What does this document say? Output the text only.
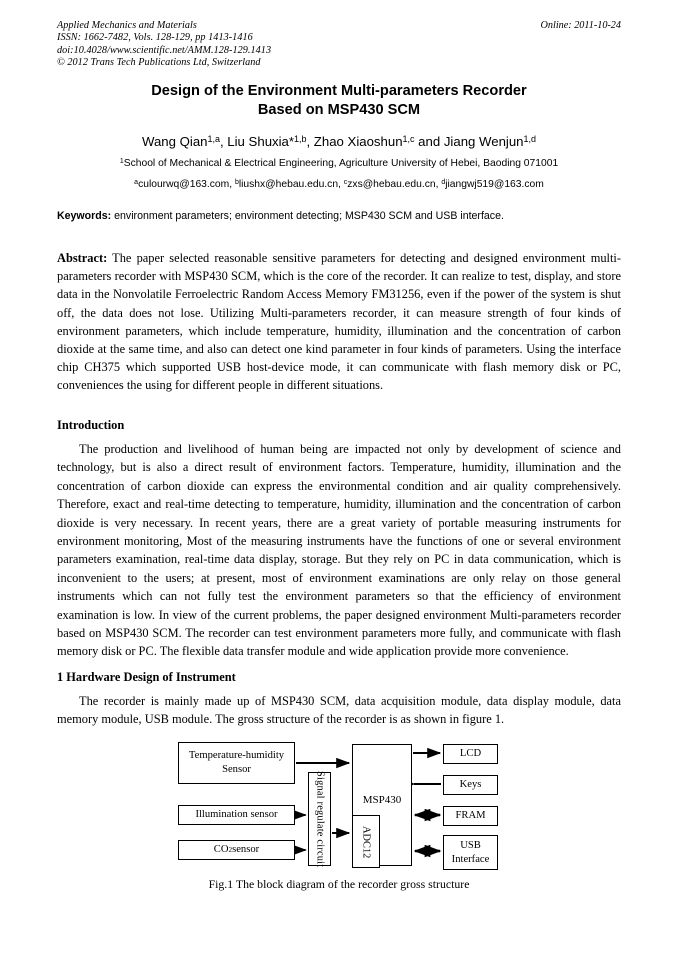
Applied Mechanics and Materials
ISSN: 1662-7482, Vols. 128-129, pp 1413-1416
doi:10.4028/www.scientific.net/AMM.128-129.1413
© 2012 Trans Tech Publications Ltd, Switzerland
Online: 2011-10-24
Design of the Environment Multi-parameters Recorder
Based on MSP430 SCM
Wang Qian$^{1,a}$, Liu Shuxia*$^{1,b}$, Zhao Xiaoshun$^{1,c}$ and Jiang Wenjun$^{1,d}$
$^1$School of Mechanical & Electrical Engineering, Agriculture University of Hebei, Baoding 071001
$^a$culourwq@163.com, $^b$liushx@hebau.edu.cn, $^c$zxs@hebau.edu.cn, $^d$jiangwj519@163.com
Keywords: environment parameters; environment detecting; MSP430 SCM and USB interface.
Abstract: The paper selected reasonable sensitive parameters for detecting and designed environment multi-parameters recorder with MSP430 SCM, which is the core of the recorder. It can realize to test, display, and store data in the Nonvolatile Ferroelectric Random Access Memory FM31256, even if the power of the system is shut off, the data does not lose. Utilizing Multi-parameters recorder, it can measure strength of four kinds of environment parameters, which include temperature, humidity, illumination and the concentration of carbon dioxide at the same time, and also can detect one kind parameter in four kinds of parameters. Using the interface chip CH375 which supported USB host-device mode, it can communicate with flash memory disk or PC, conveniences the using for different people in different situations.
Introduction
The production and livelihood of human being are impacted not only by development of science and technology, but is also a direct result of environment factors. Temperature, humidity, illumination and the concentration of carbon dioxide can express the environmental condition and air quality comprehensively. Therefore, exact and real-time detecting to temperature, humidity, illumination and the concentration of carbon dioxide is very necessary. In recent years, there are a great variety of portable measuring instruments for environment monitoring, Most of the measuring instruments have the functions of one or several environment parameters examination, real-time data display, storage. But they rely on PC in data communication, which is inconvenient to the users; at present, most of environment examinations are only relay on those general instruments which can not fully test the environment parameters so that the efficiency of environment examination is low. In view of the current problems, the paper designed environment Multi-parameters recorder based on MSP430 SCM. The recorder can test environment parameters more fully, and communicate with flash memory disk or PC. The flexible data transfer module and wide application provide more convenience.
1 Hardware Design of Instrument
The recorder is mainly made up of MSP430 SCM, data acquisition module, data display module, data memory module, USB module. The gross structure of the recorder is as shown in figure 1.
Temperature-humidity
Sensor
Illumination sensor
CO 2 sensor	Signal regulate circuit	MSP430
ADC12
LCD
Keys
FRAM
USB
Interface
Fig.1 The block diagram of the recorder gross structure
